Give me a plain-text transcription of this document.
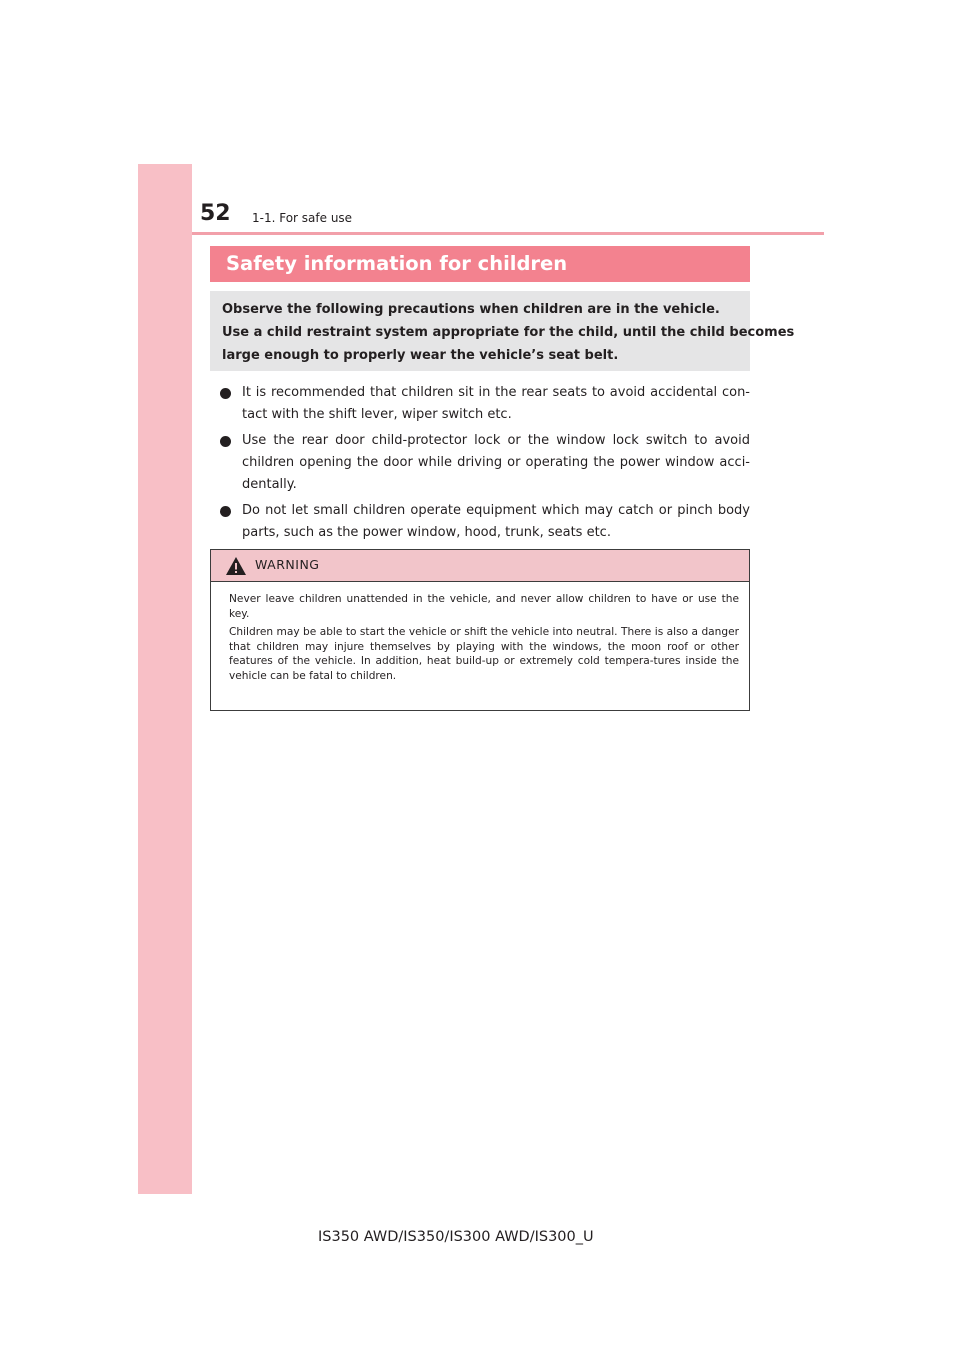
52 1-1. For safe use
Safety information for children

Observe the following precautions when children are in the vehicle.

Use a child restraint system appropriate for the child, until the child becomes

large enough to properly wear the vehicle’s seat belt.

It is recommended that children sit in the rear seats to avoid accidental con-tact with the shift lever, wiper switch etc.
Use the rear door child-protector lock or the window lock switch to avoid children opening the door while driving or operating the power window acci-dentally.
Do not let small children operate equipment which may catch or pinch body parts, such as the power window, hood, trunk, seats etc.
WARNING

Never leave children unattended in the vehicle, and never allow children to have or use the key.

Children may be able to start the vehicle or shift the vehicle into neutral. There is also a danger that children may injure themselves by playing with the windows, the moon roof or other features of the vehicle. In addition, heat build-up or extremely cold tempera-tures inside the vehicle can be fatal to children.

IS350 AWD/IS350/IS300 AWD/IS300_U
